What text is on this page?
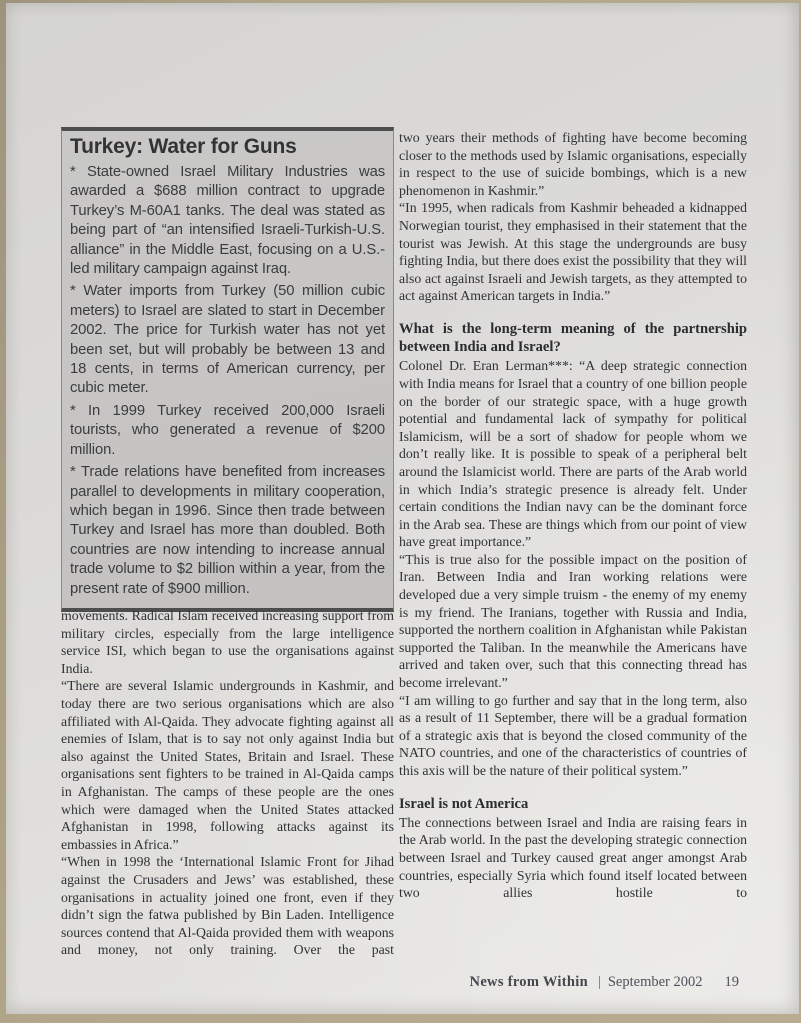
Turkey: Water for Guns

* State-owned Israel Military Industries was awarded a $688 million contract to upgrade Turkey’s M-60A1 tanks. The deal was stated as being part of “an intensified Israeli-Turkish-U.S. alliance” in the Middle East, focusing on a U.S.-led military campaign against Iraq.

* Water imports from Turkey (50 million cubic meters) to Israel are slated to start in December 2002. The price for Turkish water has not yet been set, but will probably be between 13 and 18 cents, in terms of American currency, per cubic meter.

* In 1999 Turkey received 200,000 Israeli tourists, who generated a revenue of $200 million.

* Trade relations have benefited from increases parallel to developments in military cooperation, which began in 1996. Since then trade between Turkey and Israel has more than doubled. Both countries are now intending to increase annual trade volume to $2 billion within a year, from the present rate of $900 million.

movements. Radical Islam received increasing support from military circles, especially from the large intelligence service ISI, which began to use the organisations against India.

“There are several Islamic undergrounds in Kashmir, and today there are two serious organisations which are also affiliated with Al-Qaida. They advocate fighting against all enemies of Islam, that is to say not only against India but also against the United States, Britain and Israel. These organisations sent fighters to be trained in Al-Qaida camps in Afghanistan. The camps of these people are the ones which were damaged when the United States attacked Afghanistan in 1998, following attacks against its embassies in Africa.”

“When in 1998 the ‘International Islamic Front for Jihad against the Crusaders and Jews’ was established, these organisations in actuality joined one front, even if they didn’t sign the fatwa published by Bin Laden. Intelligence sources contend that Al-Qaida provided them with weapons and money, not only training. Over the past

two years their methods of fighting have become becoming closer to the methods used by Islamic organisations, especially in respect to the use of suicide bombings, which is a new phenomenon in Kashmir.”

“In 1995, when radicals from Kashmir beheaded a kidnapped Norwegian tourist, they emphasised in their statement that the tourist was Jewish. At this stage the undergrounds are busy fighting India, but there does exist the possibility that they will also act against Israeli and Jewish targets, as they attempted to act against American targets in India.”

What is the long-term meaning of the partnership between India and Israel?

Colonel Dr. Eran Lerman***: “A deep strategic connection with India means for Israel that a country of one billion people on the border of our strategic space, with a huge growth potential and fundamental lack of sympathy for political Islamicism, will be a sort of shadow for people whom we don’t really like. It is possible to speak of a peripheral belt around the Islamicist world. There are parts of the Arab world in which India’s strategic presence is already felt. Under certain conditions the Indian navy can be the dominant force in the Arab sea. These are things which from our point of view have great importance.”

“This is true also for the possible impact on the position of Iran. Between India and Iran working relations were developed due a very simple truism - the enemy of my enemy is my friend. The Iranians, together with Russia and India, supported the northern coalition in Afghanistan while Pakistan supported the Taliban. In the meanwhile the Americans have arrived and taken over, such that this connecting thread has become irrelevant.”

“I am willing to go further and say that in the long term, also as a result of 11 September, there will be a gradual formation of a strategic axis that is beyond the closed community of the NATO countries, and one of the characteristics of countries of this axis will be the nature of their political system.”

Israel is not America

The connections between Israel and India are raising fears in the Arab world. In the past the developing strategic connection between Israel and Turkey caused great anger amongst Arab countries, especially Syria which found itself located between two allies hostile to

News from Within | September 2002 19
